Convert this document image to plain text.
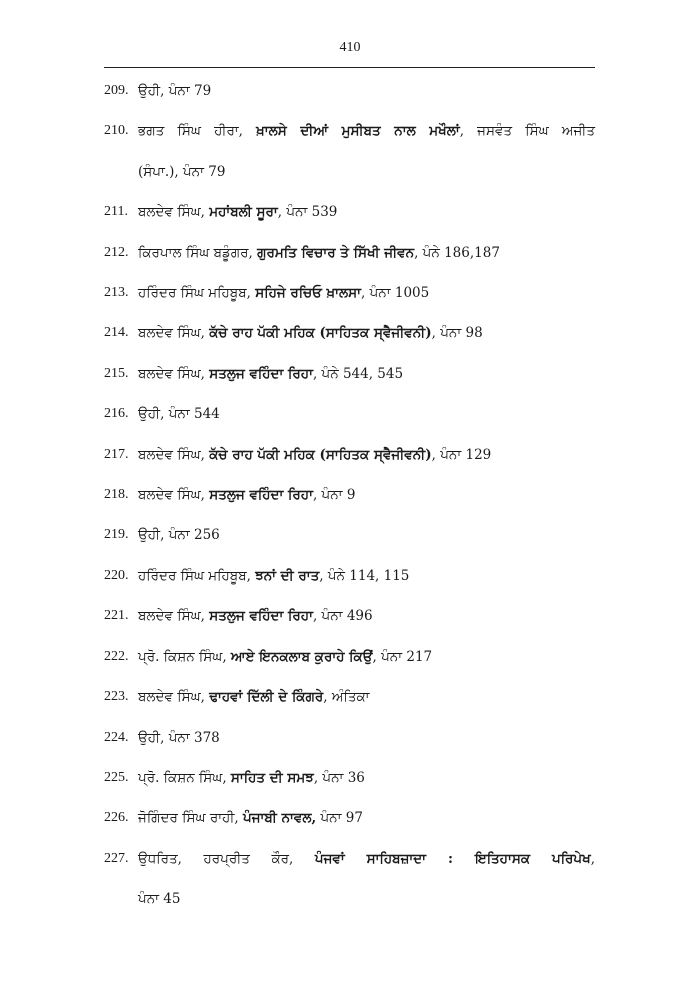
410
209. ਉਹੀ, ਪੰਨਾ 79
210. ਭਗਤ ਸਿੰਘ ਹੀਰਾ, ਖ਼ਾਲਸੇ ਦੀਆਂ ਮੁਸੀਬਤ ਨਾਲ ਮਖੌਲਾਂ, ਜਸਵੰਤ ਸਿੰਘ ਅਜੀਤ
(ਸੰਪਾ.), ਪੰਨਾ 79
211. ਬਲਦੇਵ ਸਿੰਘ, ਮਹਾਂਬਲੀ ਸੂਰਾ, ਪੰਨਾ 539
212. ਕਿਰਪਾਲ ਸਿੰਘ ਬਡੂੰਗਰ, ਗੁਰਮਤਿ ਵਿਚਾਰ ਤੇ ਸਿੱਖੀ ਜੀਵਨ, ਪੰਨੇ 186,187
213. ਹਰਿੰਦਰ ਸਿੰਘ ਮਹਿਬੂਬ, ਸਹਿਜੇ ਰਚਿਓ ਖ਼ਾਲਸਾ, ਪੰਨਾ 1005
214. ਬਲਦੇਵ ਸਿੰਘ, ਕੱਚੇ ਰਾਹ ਪੱਕੀ ਮਹਿਕ (ਸਾਹਿਤਕ ਸ੍ਵੈਜੀਵਨੀ), ਪੰਨਾ 98
215. ਬਲਦੇਵ ਸਿੰਘ, ਸਤਲੁਜ ਵਹਿੰਦਾ ਰਿਹਾ, ਪੰਨੇ 544, 545
216. ਉਹੀ, ਪੰਨਾ 544
217. ਬਲਦੇਵ ਸਿੰਘ, ਕੱਚੇ ਰਾਹ ਪੱਕੀ ਮਹਿਕ (ਸਾਹਿਤਕ ਸ੍ਵੈਜੀਵਨੀ), ਪੰਨਾ 129
218. ਬਲਦੇਵ ਸਿੰਘ, ਸਤਲੁਜ ਵਹਿੰਦਾ ਰਿਹਾ, ਪੰਨਾ 9
219. ਉਹੀ, ਪੰਨਾ 256
220. ਹਰਿੰਦਰ ਸਿੰਘ ਮਹਿਬੂਬ, ਝਨਾਂ ਦੀ ਰਾਤ, ਪੰਨੇ 114, 115
221. ਬਲਦੇਵ ਸਿੰਘ, ਸਤਲੁਜ ਵਹਿੰਦਾ ਰਿਹਾ, ਪੰਨਾ 496
222. ਪ੍ਰੋ. ਕਿਸ਼ਨ ਸਿੰਘ, ਆਏ ਇਨਕਲਾਬ ਕੁਰਾਹੇ ਕਿਉਂ, ਪੰਨਾ 217
223. ਬਲਦੇਵ ਸਿੰਘ, ਢਾਹਵਾਂ ਦਿੱਲੀ ਦੇ ਕਿੰਗਰੇ, ਅੰਤਿਕਾ
224. ਉਹੀ, ਪੰਨਾ 378
225. ਪ੍ਰੋ. ਕਿਸ਼ਨ ਸਿੰਘ, ਸਾਹਿਤ ਦੀ ਸਮਝ, ਪੰਨਾ 36
226. ਜੋਗਿੰਦਰ ਸਿੰਘ ਰਾਹੀ, ਪੰਜਾਬੀ ਨਾਵਲ, ਪੰਨਾ 97
227. ਉਧਰਿਤ, ਹਰਪ੍ਰੀਤ ਕੌਰ, ਪੰਜਵਾਂ ਸਾਹਿਬਜ਼ਾਦਾ : ਇਤਿਹਾਸਕ ਪਰਿਪੇਖ,
ਪੰਨਾ 45
